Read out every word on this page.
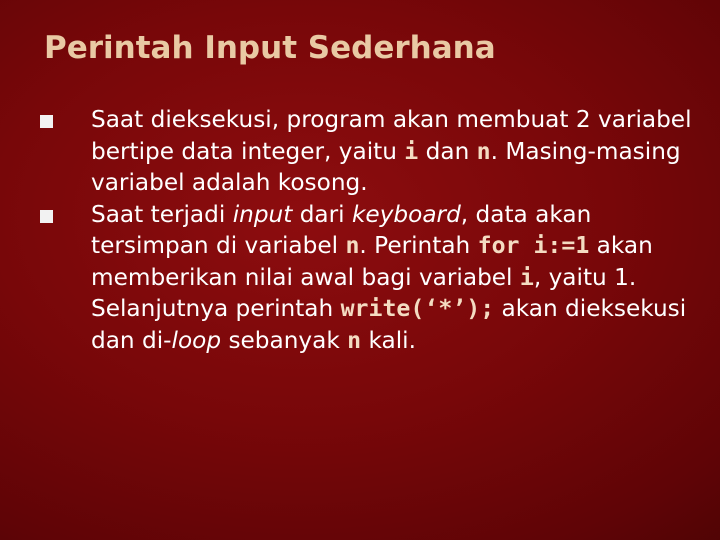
Perintah Input Sederhana
Saat dieksekusi, program akan membuat 2 variabel bertipe data integer, yaitu i dan n. Masing-masing variabel adalah kosong.
Saat terjadi input dari keyboard, data akan tersimpan di variabel n. Perintah for i:=1 akan memberikan nilai awal bagi variabel i, yaitu 1. Selanjutnya perintah write(‘*’); akan dieksekusi dan di-loop sebanyak n kali.
